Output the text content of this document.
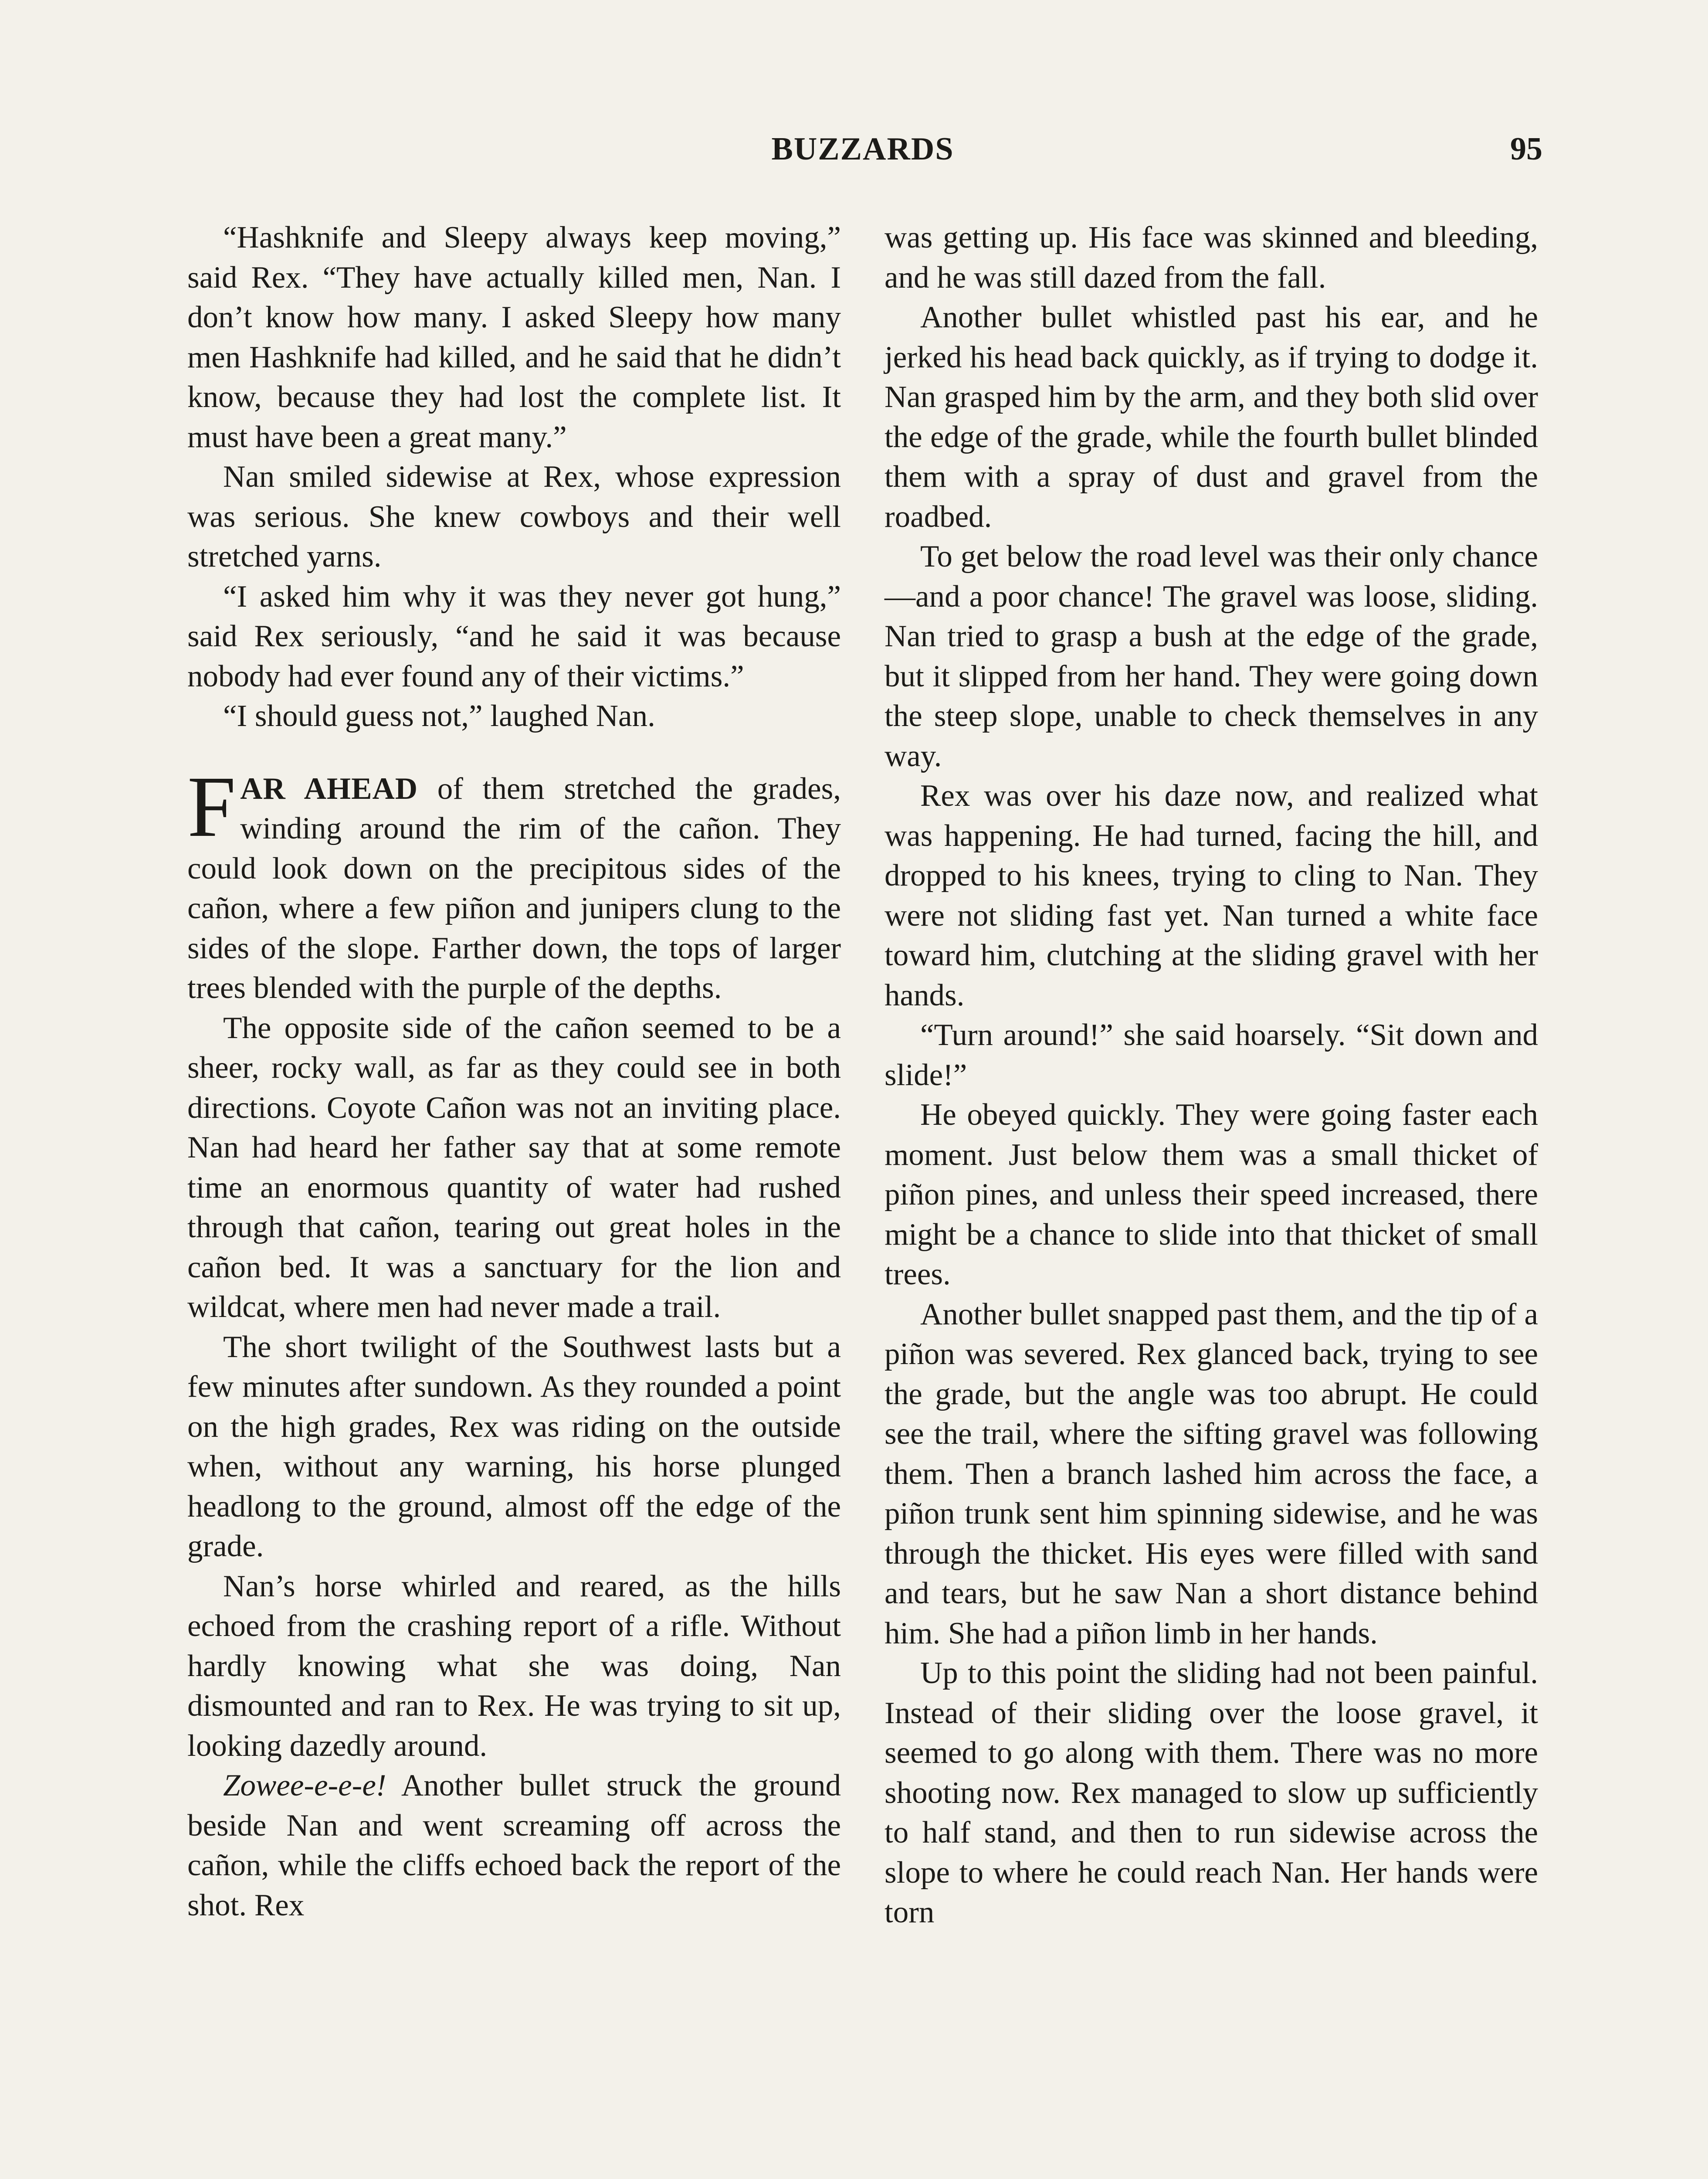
BUZZARDS	95

“Hashknife and Sleepy always keep moving,” said Rex. “They have actually killed men, Nan. I don’t know how many. I asked Sleepy how many men Hashknife had killed, and he said that he didn’t know, because they had lost the complete list. It must have been a great many.”

Nan smiled sidewise at Rex, whose expression was serious. She knew cowboys and their well stretched yarns.

“I asked him why it was they never got hung,” said Rex seriously, “and he said it was because nobody had ever found any of their victims.”

“I should guess not,” laughed Nan.

FAR AHEAD of them stretched the grades, winding around the rim of the cañon. They could look down on the precipitous sides of the cañon, where a few piñon and junipers clung to the sides of the slope. Farther down, the tops of larger trees blended with the purple of the depths.

The opposite side of the cañon seemed to be a sheer, rocky wall, as far as they could see in both directions. Coyote Cañon was not an inviting place. Nan had heard her father say that at some remote time an enormous quantity of water had rushed through that cañon, tearing out great holes in the cañon bed. It was a sanctuary for the lion and wildcat, where men had never made a trail.

The short twilight of the Southwest lasts but a few minutes after sundown. As they rounded a point on the high grades, Rex was riding on the outside when, without any warning, his horse plunged headlong to the ground, almost off the edge of the grade.

Nan’s horse whirled and reared, as the hills echoed from the crashing report of a rifle. Without hardly knowing what she was doing, Nan dismounted and ran to Rex. He was trying to sit up, looking dazedly around.

Zowee-e-e-e! Another bullet struck the ground beside Nan and went screaming off across the cañon, while the cliffs echoed back the report of the shot. Rex

was getting up. His face was skinned and bleeding, and he was still dazed from the fall.

Another bullet whistled past his ear, and he jerked his head back quickly, as if trying to dodge it. Nan grasped him by the arm, and they both slid over the edge of the grade, while the fourth bullet blinded them with a spray of dust and gravel from the roadbed.

To get below the road level was their only chance—and a poor chance! The gravel was loose, sliding. Nan tried to grasp a bush at the edge of the grade, but it slipped from her hand. They were going down the steep slope, unable to check themselves in any way.

Rex was over his daze now, and realized what was happening. He had turned, facing the hill, and dropped to his knees, trying to cling to Nan. They were not sliding fast yet. Nan turned a white face toward him, clutching at the sliding gravel with her hands.

“Turn around!” she said hoarsely. “Sit down and slide!”

He obeyed quickly. They were going faster each moment. Just below them was a small thicket of piñon pines, and unless their speed increased, there might be a chance to slide into that thicket of small trees.

Another bullet snapped past them, and the tip of a piñon was severed. Rex glanced back, trying to see the grade, but the angle was too abrupt. He could see the trail, where the sifting gravel was following them. Then a branch lashed him across the face, a piñon trunk sent him spinning sidewise, and he was through the thicket. His eyes were filled with sand and tears, but he saw Nan a short distance behind him. She had a piñon limb in her hands.

Up to this point the sliding had not been painful. Instead of their sliding over the loose gravel, it seemed to go along with them. There was no more shooting now. Rex managed to slow up sufficiently to half stand, and then to run sidewise across the slope to where he could reach Nan. Her hands were torn
